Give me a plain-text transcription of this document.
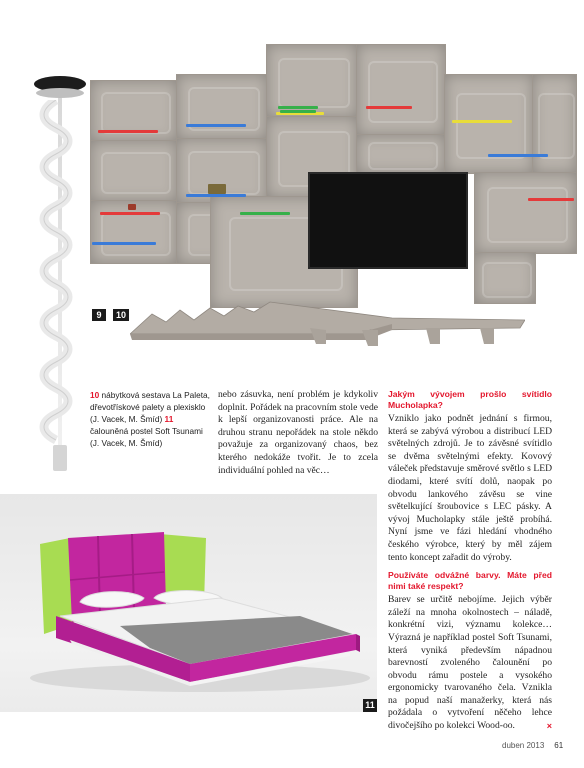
9	10
10 nábytková sestava La Paleta, dřevotřískové palety a plexisklo (J. Vacek, M. Šmíd) 11 čalouněná postel Soft Tsunami (J. Vacek, M. Šmíd)

nebo zásuvka, není problém je kdykoliv doplnit. Pořádek na pracovním stole vede k lepší organizovanosti práce. Ale na druhou stranu nepořádek na stole někdo považuje za organizovaný chaos, bez kterého nedokáže tvořit. Je to zcela individuální pohled na věc…

Jakým vývojem prošlo svítidlo Mucholapka?

Vzniklo jako podnět jednání s firmou, která se zabývá výrobou a distribucí LED světelných zdrojů. Je to závěsné svítidlo se dvěma světelnými efekty. Kovový váleček představuje směrové světlo s LED diodami, které svítí dolů, naopak po obvodu lankového závěsu se vine světelkující šroubovice s LEC pásky. A vývoj Mucholapky stále ještě probíhá. Nyní jsme ve fázi hledání vhodného českého výrobce, který by měl zájem tento koncept zařadit do výroby.

Používáte odvážné barvy. Máte před nimi také respekt?

Barev se určitě nebojíme. Jejich výběr záleží na mnoha okolnostech – náladě, konkrétní vizi, významu kolekce… Výrazná je například postel Soft Tsunami, která vyniká především nápadnou barevností zvoleného čalounění po obvodu rámu postele a vysokého ergonomicky tvarovaného čela. Vznikla na popud naší manažerky, která nás požádala o vytvoření něčeho lehce divočejšího po kolekci Wood-oo.	×

11
duben 2013 61
